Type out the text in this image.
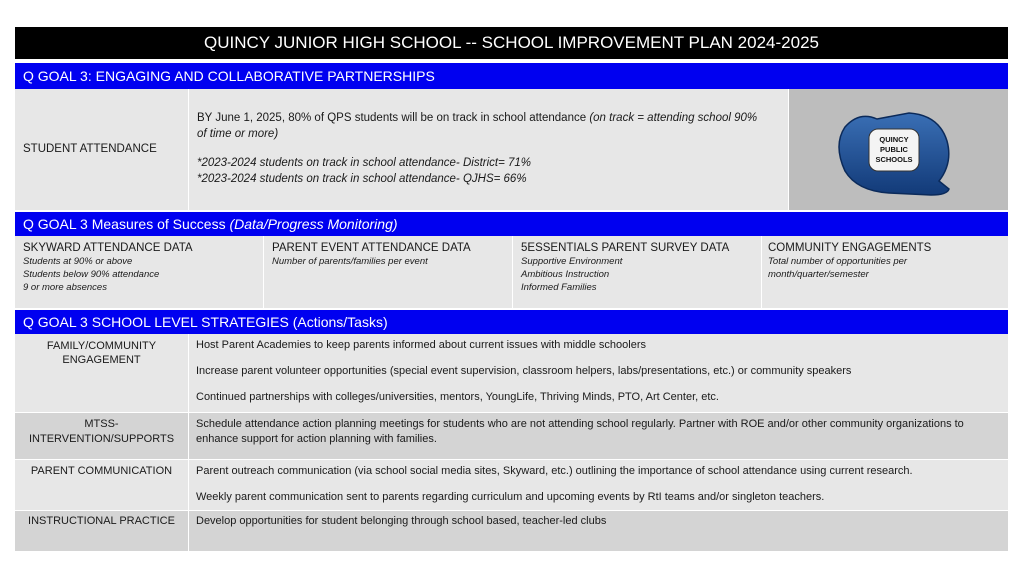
QUINCY JUNIOR HIGH SCHOOL -- SCHOOL IMPROVEMENT PLAN 2024-2025
Q GOAL 3: ENGAGING AND COLLABORATIVE PARTNERSHIPS
STUDENT ATTENDANCE

BY June 1, 2025, 80% of QPS students will be on track in school attendance (on track = attending school 90% of time or more)

*2023-2024 students on track in school attendance- District= 71%

*2023-2024 students on track in school attendance- QJHS= 66%

QUINCY
PUBLIC
SCHOOLS
Q GOAL 3 Measures of Success (Data/Progress Monitoring)

SKYWARD ATTENDANCE DATA

Students at 90% or above

Students below 90% attendance

9 or more absences

PARENT EVENT ATTENDANCE DATA

Number of parents/families per event

5ESSENTIALS PARENT SURVEY DATA

Supportive Environment

Ambitious Instruction

Informed Families

COMMUNITY ENGAGEMENTS

Total number of opportunities per month/quarter/semester

Q GOAL 3 SCHOOL LEVEL STRATEGIES (Actions/Tasks)
FAMILY/COMMUNITY ENGAGEMENT

Host Parent Academies to keep parents informed about current issues with middle schoolers

Increase parent volunteer opportunities (special event supervision, classroom helpers, labs/presentations, etc.) or community speakers

Continued partnerships with colleges/universities, mentors, YoungLife, Thriving Minds, PTO, Art Center, etc.

MTSS-INTERVENTION/SUPPORTS

Schedule attendance action planning meetings for students who are not attending school regularly. Partner with ROE and/or other community organizations to enhance support for action planning with families.

PARENT COMMUNICATION	Parent outreach communication (via school social media sites, Skyward, etc.) outlining the importance of school attendance using current research.

Weekly parent communication sent to parents regarding curriculum and upcoming events by RtI teams and/or singleton teachers.

INSTRUCTIONAL PRACTICE	Develop opportunities for student belonging through school based, teacher-led clubs
